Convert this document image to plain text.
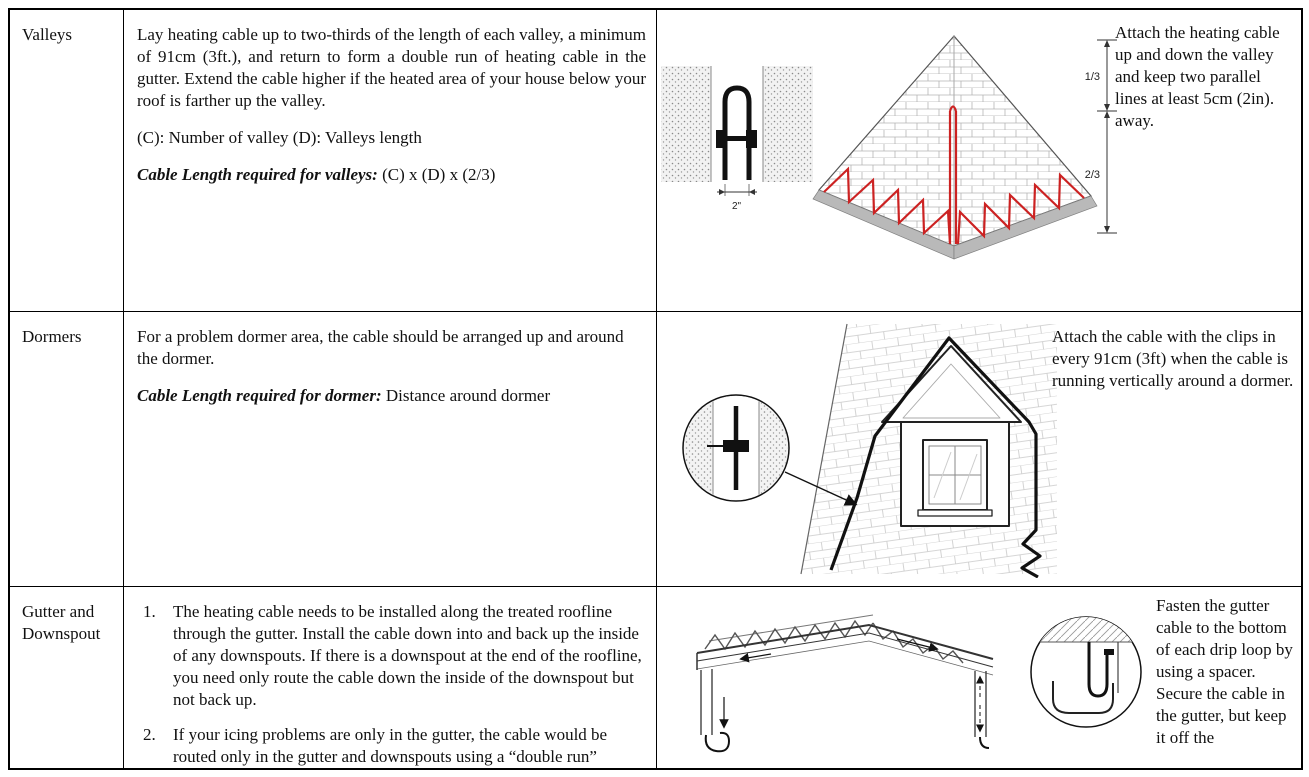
Valleys	Lay heating cable up to two-thirds of the length of each valley, a minimum of 91cm (3ft.), and return to form a double run of heating cable in the gutter. Extend the cable higher if the heated area of your house below your roof is farther up the valley.

(C): Number of valley (D): Valleys length

Cable Length required for valleys: (C) x (D) x (2/3)

2"
1/3
2/3
Attach the heating cable up and down the valley and keep two parallel lines at least 5cm (2in). away.
Dormers	For a problem dormer area, the cable should be arranged up and around the dormer.

Cable Length required for dormer: Distance around dormer

Attach the cable with the clips in every 91cm (3ft) when the cable is running vertically around a dormer.
Gutter and Downspout
The heating cable needs to be installed along the treated roofline through the gutter. Install the cable down into and back up the inside of any downspouts. If there is a downspout at the end of the roofline, you need only route the cable down the inside of the downspout but not back up.
If your icing problems are only in the gutter, the cable would be routed only in the gutter and downspouts using a “double run”
Fasten the gutter cable to the bottom of each drip loop by using a spacer. Secure the cable in the gutter, but keep it off the
